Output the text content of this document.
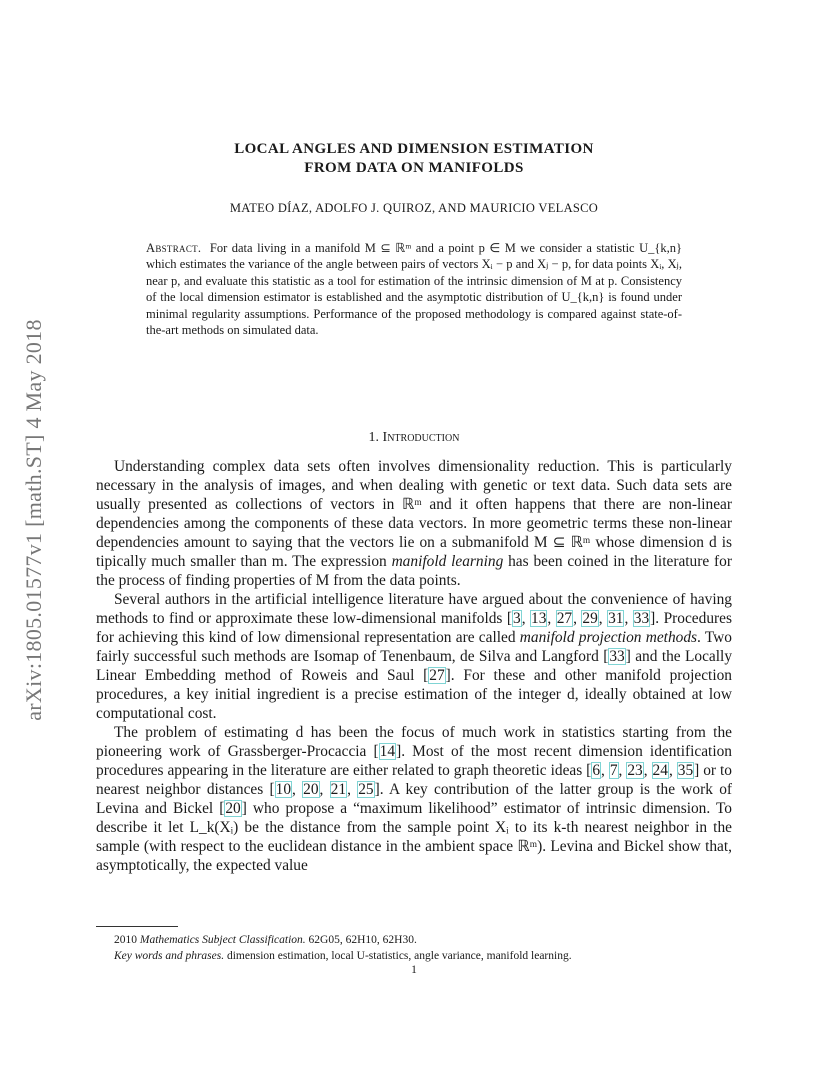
arXiv:1805.01577v1 [math.ST] 4 May 2018
LOCAL ANGLES AND DIMENSION ESTIMATION
FROM DATA ON MANIFOLDS
MATEO DÍAZ, ADOLFO J. QUIROZ, AND MAURICIO VELASCO
Abstract. For data living in a manifold M ⊆ ℝᵐ and a point p ∈ M we consider a statistic U_{k,n} which estimates the variance of the angle between pairs of vectors Xᵢ − p and Xⱼ − p, for data points Xᵢ, Xⱼ, near p, and evaluate this statistic as a tool for estimation of the intrinsic dimension of M at p. Consistency of the local dimension estimator is established and the asymptotic distribution of U_{k,n} is found under minimal regularity assumptions. Performance of the proposed methodology is compared against state-of-the-art methods on simulated data.
1. Introduction

Understanding complex data sets often involves dimensionality reduction. This is particularly necessary in the analysis of images, and when dealing with genetic or text data. Such data sets are usually presented as collections of vectors in ℝᵐ and it often happens that there are non-linear dependencies among the components of these data vectors. In more geometric terms these non-linear dependencies amount to saying that the vectors lie on a submanifold M ⊆ ℝᵐ whose dimension d is tipically much smaller than m. The expression manifold learning has been coined in the literature for the process of finding properties of M from the data points.

Several authors in the artificial intelligence literature have argued about the convenience of having methods to find or approximate these low-dimensional manifolds [3, 13, 27, 29, 31, 33]. Procedures for achieving this kind of low dimensional representation are called manifold projection methods. Two fairly successful such methods are Isomap of Tenenbaum, de Silva and Langford [33] and the Locally Linear Embedding method of Roweis and Saul [27]. For these and other manifold projection procedures, a key initial ingredient is a precise estimation of the integer d, ideally obtained at low computational cost.

The problem of estimating d has been the focus of much work in statistics starting from the pioneering work of Grassberger-Procaccia [14]. Most of the most recent dimension identification procedures appearing in the literature are either related to graph theoretic ideas [6, 7, 23, 24, 35] or to nearest neighbor distances [10, 20, 21, 25]. A key contribution of the latter group is the work of Levina and Bickel [20] who propose a “maximum likelihood” estimator of intrinsic dimension. To describe it let L_k(Xᵢ) be the distance from the sample point Xᵢ to its k-th nearest neighbor in the sample (with respect to the euclidean distance in the ambient space ℝᵐ). Levina and Bickel show that, asymptotically, the expected value

2010 Mathematics Subject Classification. 62G05, 62H10, 62H30.
Key words and phrases. dimension estimation, local U-statistics, angle variance, manifold learning.
1
